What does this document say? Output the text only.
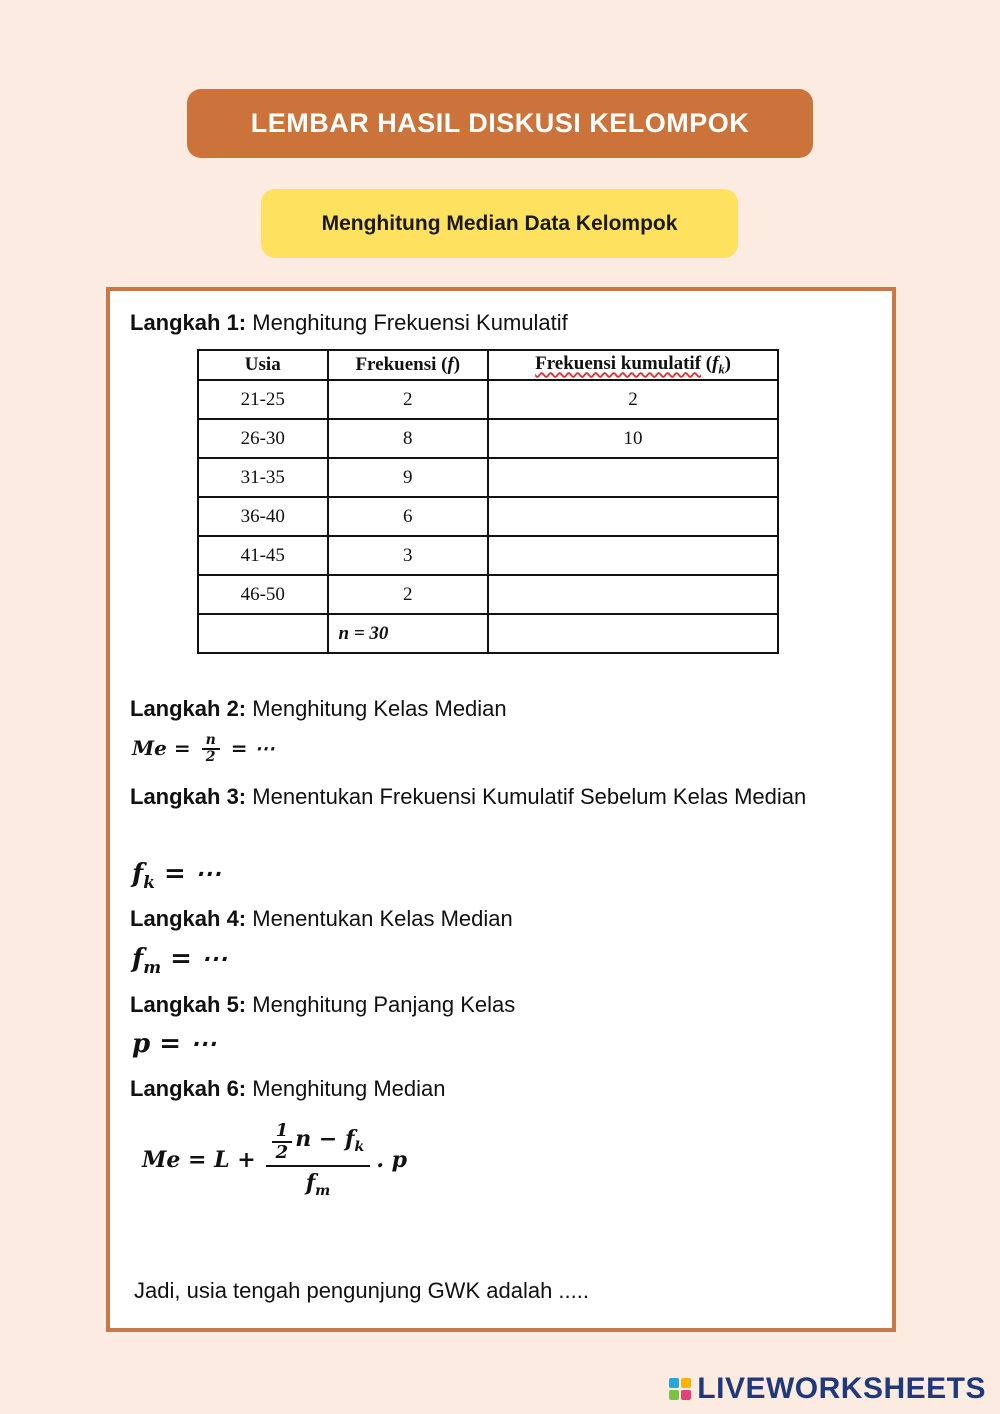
LEMBAR HASIL DISKUSI KELOMPOK
Menghitung Median Data Kelompok
Langkah 1: Menghitung Frekuensi Kumulatif
Usia	Frekuensi (f)	Frekuensi kumulatif $(f_k)$
21-25	2	2
26-30	8	10
31-35	9	
36-40	6	
41-45	3	
46-50	2	
	n = 30	
Langkah 2: Menghitung Kelas Median
$Me = \frac{n}{2}$ = ⋯
Langkah 3: Menentukan Frekuensi Kumulatif Sebelum Kelas Median
$f_k$ = ⋯
Langkah 4: Menentukan Kelas Median
$f_m$ = ⋯
Langkah 5: Menghitung Panjang Kelas
p = ⋯
Langkah 6: Menghitung Median
$Me = L + \frac{\frac{1}{2} n - f_k}{f_m}$ . p
Jadi, usia tengah pengunjung GWK adalah .....
LIVEWORKSHEETS
